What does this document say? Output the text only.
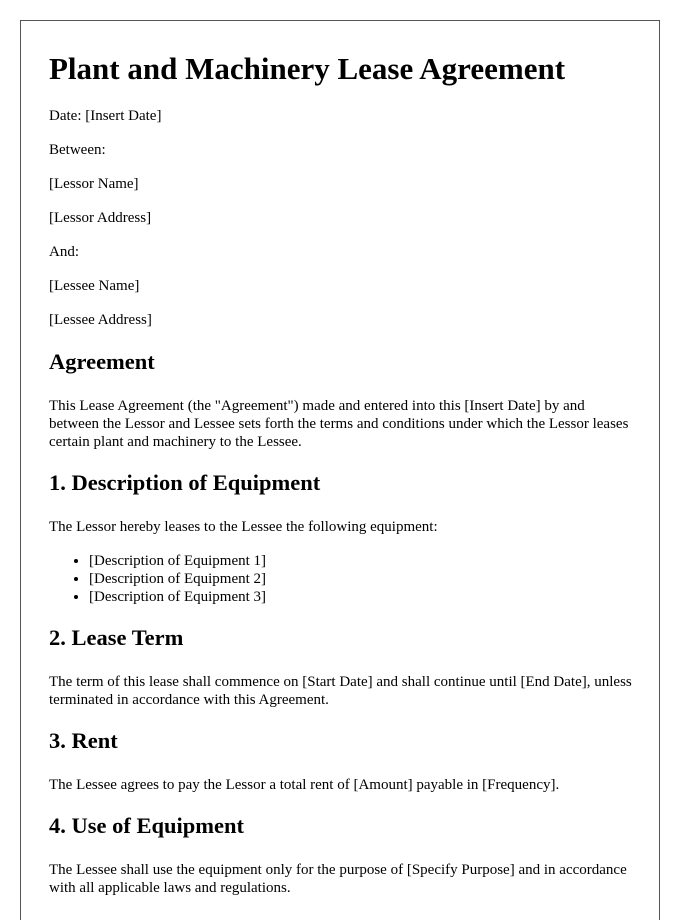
Plant and Machinery Lease Agreement

Date: [Insert Date]

Between:

[Lessor Name]

[Lessor Address]

And:

[Lessee Name]

[Lessee Address]

Agreement

This Lease Agreement (the "Agreement") made and entered into this [Insert Date] by and between the Lessor and Lessee sets forth the terms and conditions under which the Lessor leases certain plant and machinery to the Lessee.

1. Description of Equipment

The Lessor hereby leases to the Lessee the following equipment:

• [Description of Equipment 1]
• [Description of Equipment 2]
• [Description of Equipment 3]
2. Lease Term

The term of this lease shall commence on [Start Date] and shall continue until [End Date], unless terminated in accordance with this Agreement.

3. Rent

The Lessee agrees to pay the Lessor a total rent of [Amount] payable in [Frequency].

4. Use of Equipment

The Lessee shall use the equipment only for the purpose of [Specify Purpose] and in accordance with all applicable laws and regulations.
